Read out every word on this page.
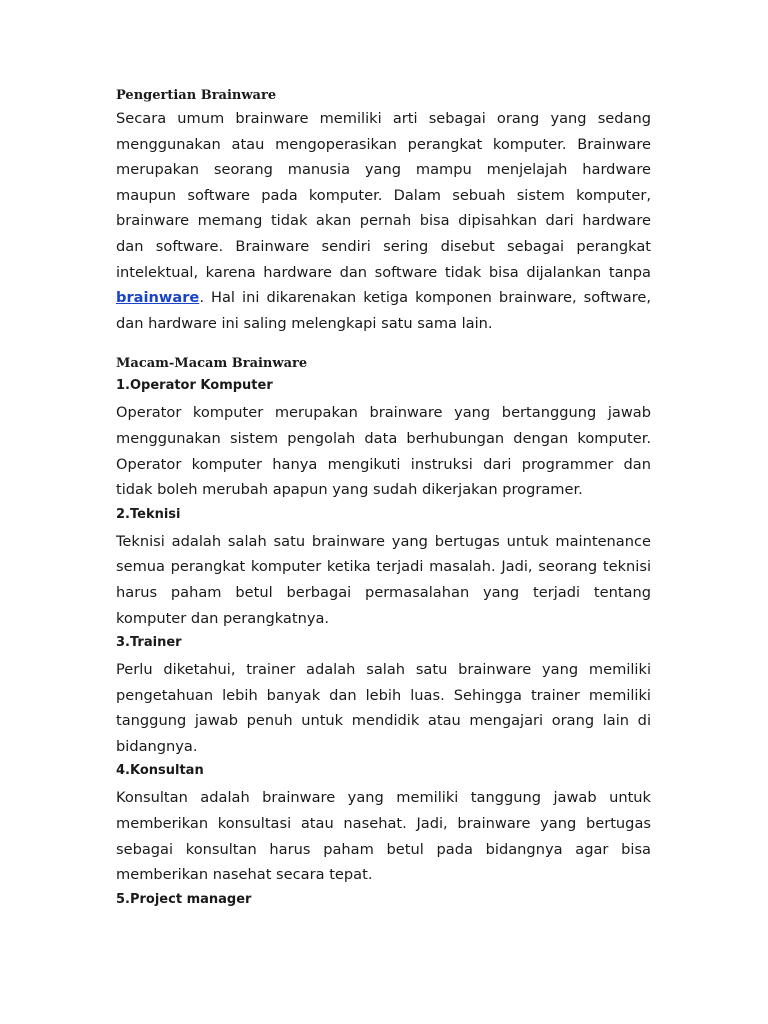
Pengertian Brainware

Secara umum brainware memiliki arti sebagai orang yang sedang menggunakan atau mengoperasikan perangkat komputer. Brainware merupakan seorang manusia yang mampu menjelajah hardware maupun software pada komputer. Dalam sebuah sistem komputer, brainware memang tidak akan pernah bisa dipisahkan dari hardware dan software. Brainware sendiri sering disebut sebagai perangkat intelektual, karena hardware dan software tidak bisa dijalankan tanpa brainware. Hal ini dikarenakan ketiga komponen brainware, software, dan hardware ini saling melengkapi satu sama lain.

Macam-Macam Brainware

1.Operator Komputer

Operator komputer merupakan brainware yang bertanggung jawab menggunakan sistem pengolah data berhubungan dengan komputer. Operator komputer hanya mengikuti instruksi dari programmer dan tidak boleh merubah apapun yang sudah dikerjakan programer.

2.Teknisi

Teknisi adalah salah satu brainware yang bertugas untuk maintenance semua perangkat komputer ketika terjadi masalah. Jadi, seorang teknisi harus paham betul berbagai permasalahan yang terjadi tentang komputer dan perangkatnya.

3.Trainer

Perlu diketahui, trainer adalah salah satu brainware yang memiliki pengetahuan lebih banyak dan lebih luas. Sehingga trainer memiliki tanggung jawab penuh untuk mendidik atau mengajari orang lain di bidangnya.

4.Konsultan

Konsultan adalah brainware yang memiliki tanggung jawab untuk memberikan konsultasi atau nasehat. Jadi, brainware yang bertugas sebagai konsultan harus paham betul pada bidangnya agar bisa memberikan nasehat secara tepat.

5.Project manager
